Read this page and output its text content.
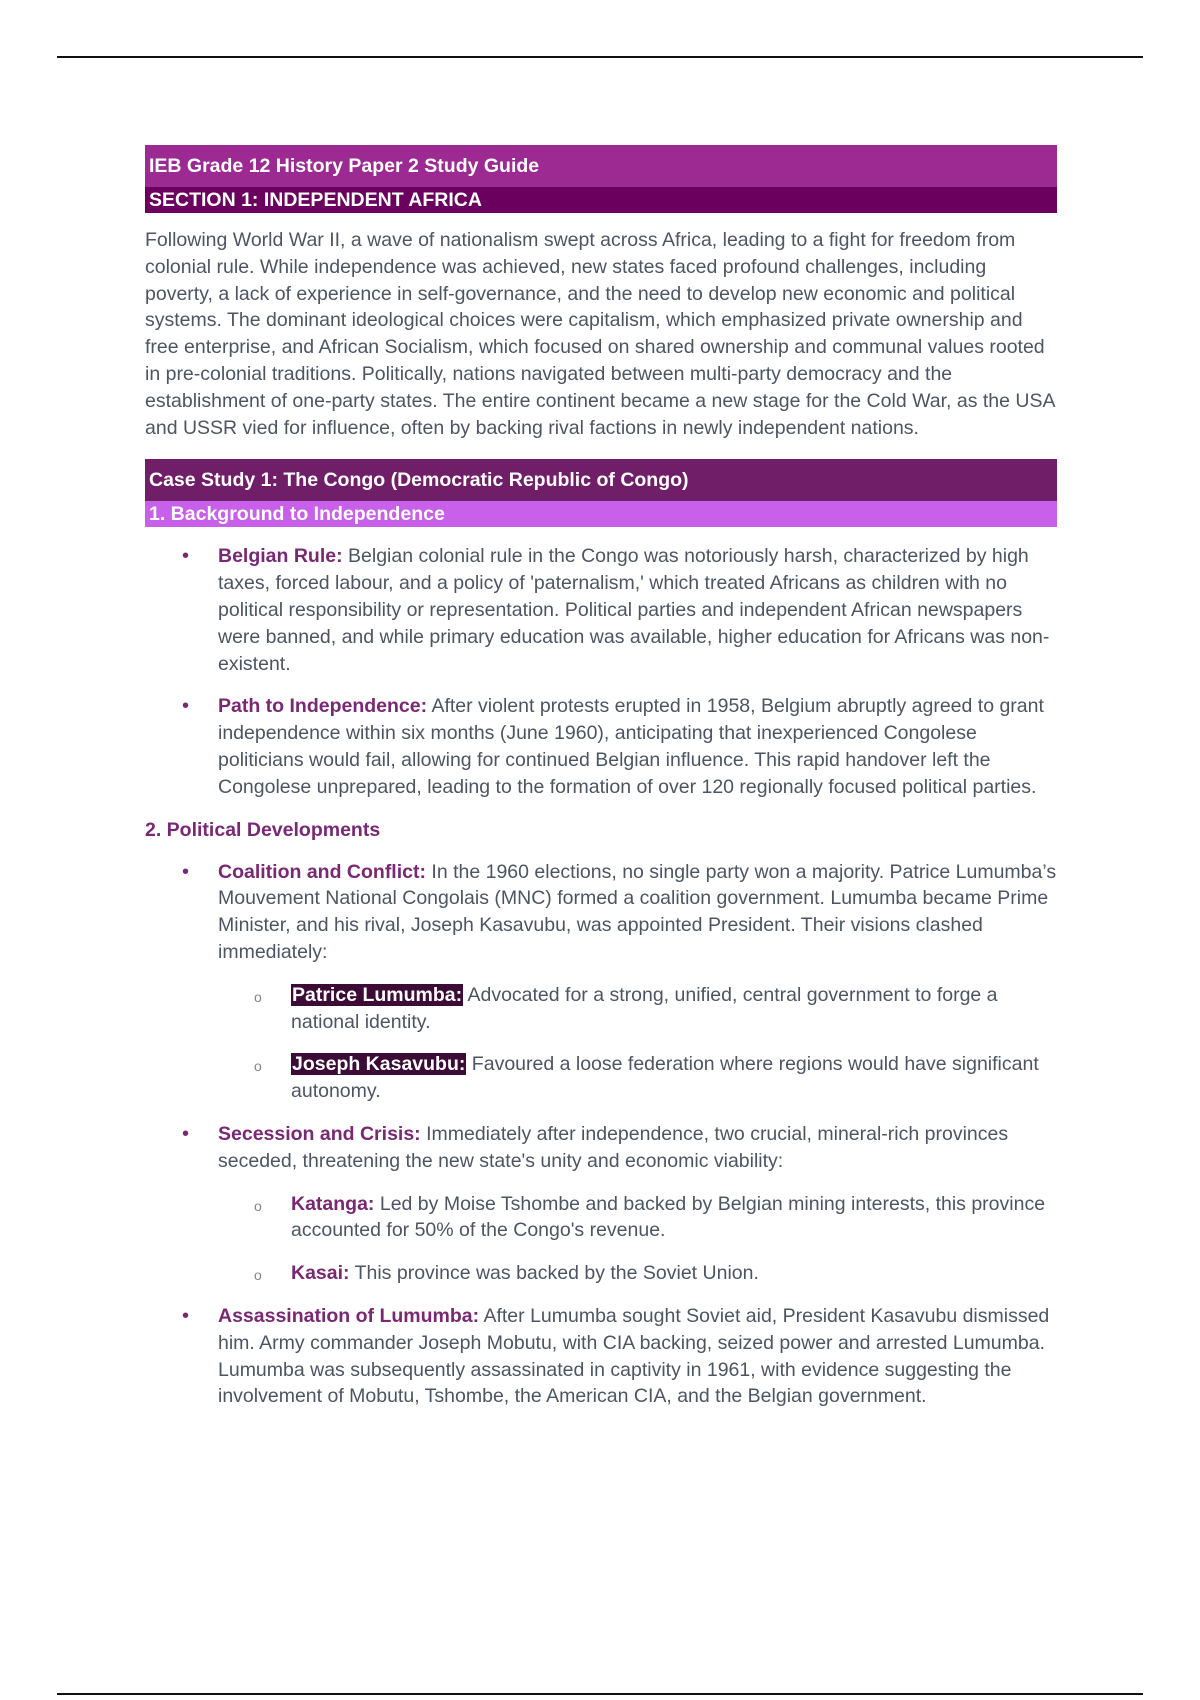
IEB Grade 12 History Paper 2 Study Guide
SECTION 1: INDEPENDENT AFRICA

Following World War II, a wave of nationalism swept across Africa, leading to a fight for freedom from colonial rule. While independence was achieved, new states faced profound challenges, including poverty, a lack of experience in self-governance, and the need to develop new economic and political systems. The dominant ideological choices were capitalism, which emphasized private ownership and free enterprise, and African Socialism, which focused on shared ownership and communal values rooted in pre-colonial traditions. Politically, nations navigated between multi-party democracy and the establishment of one-party states. The entire continent became a new stage for the Cold War, as the USA and USSR vied for influence, often by backing rival factions in newly independent nations.

Case Study 1: The Congo (Democratic Republic of Congo)
1. Background to Independence
• Belgian Rule: Belgian colonial rule in the Congo was notoriously harsh, characterized by high taxes, forced labour, and a policy of 'paternalism,' which treated Africans as children with no political responsibility or representation. Political parties and independent African newspapers were banned, and while primary education was available, higher education for Africans was non-existent.
• Path to Independence: After violent protests erupted in 1958, Belgium abruptly agreed to grant independence within six months (June 1960), anticipating that inexperienced Congolese politicians would fail, allowing for continued Belgian influence. This rapid handover left the Congolese unprepared, leading to the formation of over 120 regionally focused political parties.
2. Political Developments
• Coalition and Conflict: In the 1960 elections, no single party won a majority. Patrice Lumumba’s Mouvement National Congolais (MNC) formed a coalition government. Lumumba became Prime Minister, and his rival, Joseph Kasavubu, was appointed President. Their visions clashed immediately:
o Patrice Lumumba: Advocated for a strong, unified, central government to forge a national identity.
o Joseph Kasavubu: Favoured a loose federation where regions would have significant autonomy.
• Secession and Crisis: Immediately after independence, two crucial, mineral-rich provinces seceded, threatening the new state's unity and economic viability:
o Katanga: Led by Moise Tshombe and backed by Belgian mining interests, this province accounted for 50% of the Congo's revenue.
o Kasai: This province was backed by the Soviet Union.
• Assassination of Lumumba: After Lumumba sought Soviet aid, President Kasavubu dismissed him. Army commander Joseph Mobutu, with CIA backing, seized power and arrested Lumumba. Lumumba was subsequently assassinated in captivity in 1961, with evidence suggesting the involvement of Mobutu, Tshombe, the American CIA, and the Belgian government.
